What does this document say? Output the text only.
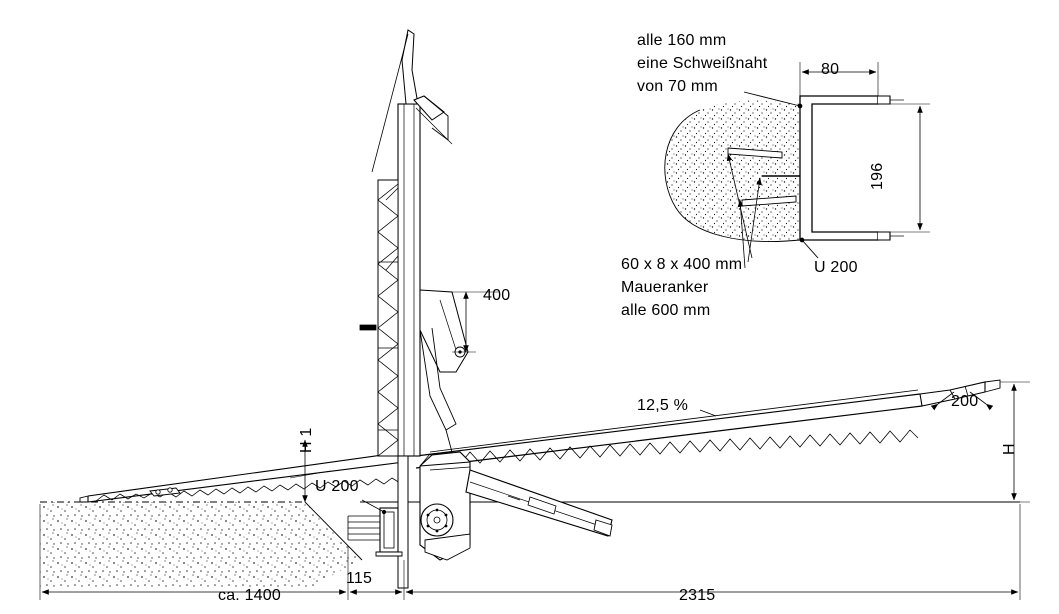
alle 160 mm
eine Schweißnaht
von 70 mm
80
196
60 x 8 x 400 mm
Maueranker
alle 600 mm
U 200
400
12,5 %	200
H 1	H
U 200
ca. 1400
115
2315
